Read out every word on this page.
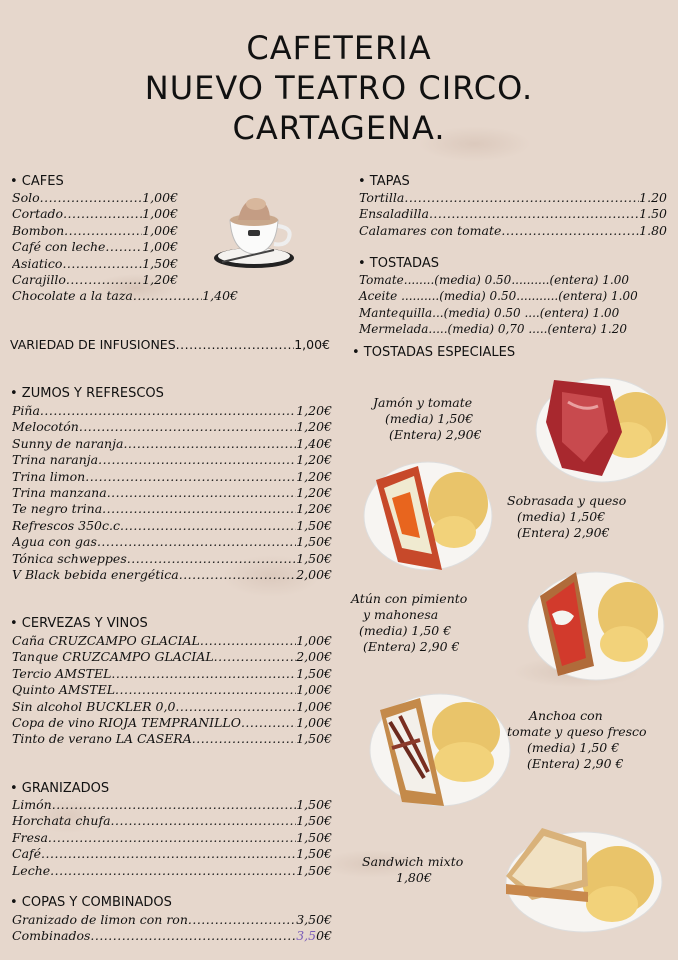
CAFETERIA
NUEVO TEATRO CIRCO.
CARTAGENA.
• CAFES
Solo .....	1,00€
Cortado .....	1,00€
Bombon .....	1,00€
Café con leche .....	1,00€
Asiatico .....	1,50€
Carajillo .....	1,20€
Chocolate a la taza .....	1,40€
VARIEDAD DE INFUSIONES .....	1,00€
• ZUMOS Y REFRESCOS
Piña .....	1,20€
Melocotón .....	1,20€
Sunny de naranja .....	1,40€
Trina naranja .....	1,20€
Trina limon .....	1,20€
Trina manzana .....	1,20€
Te negro trina .....	1,20€
Refrescos 350c.c .....	1,50€
Agua con gas .....	1,50€
Tónica schweppes .....	1,50€
V Black bebida energética .....	2,00€
• CERVEZAS Y VINOS
Caña CRUZCAMPO GLACIAL .....	1,00€
Tanque CRUZCAMPO GLACIAL .....	2,00€
Tercio AMSTEL .....	1,50€
Quinto AMSTEL .....	1,00€
Sin alcohol BUCKLER 0,0 .....	1,00€
Copa de vino RIOJA TEMPRANILLO .....	1,00€
Tinto de verano LA CASERA .....	1,50€
• GRANIZADOS
Limón .....	1,50€
Horchata chufa .....	1,50€
Fresa .....	1,50€
Café .....	1,50€
Leche .....	1,50€
• COPAS Y COMBINADOS
Granizado de limon con ron .....	3,50€
Combinados .....	3,50€
• TAPAS
Tortilla .....	1.20
Ensaladilla .....	1.50
Calamares con tomate .....	1.80
• TOSTADAS
Tomate........(media) 0.50..........(entera) 1.00
Aceite ..........(media) 0.50...........(entera) 1.00
Mantequilla...(media) 0.50 ....(entera) 1.00
Mermelada.....(media) 0,70 .....(entera) 1.20
• TOSTADAS ESPECIALES
Jamón y tomate
(media) 1,50€
(Entera) 2,90€
Sobrasada y queso
(media) 1,50€
(Entera) 2,90€
Atún con pimiento
y mahonesa
(media) 1,50 €
(Entera) 2,90 €
Anchoa con
tomate y queso fresco
(media) 1,50 €
(Entera) 2,90 €
Sandwich mixto
1,80€
